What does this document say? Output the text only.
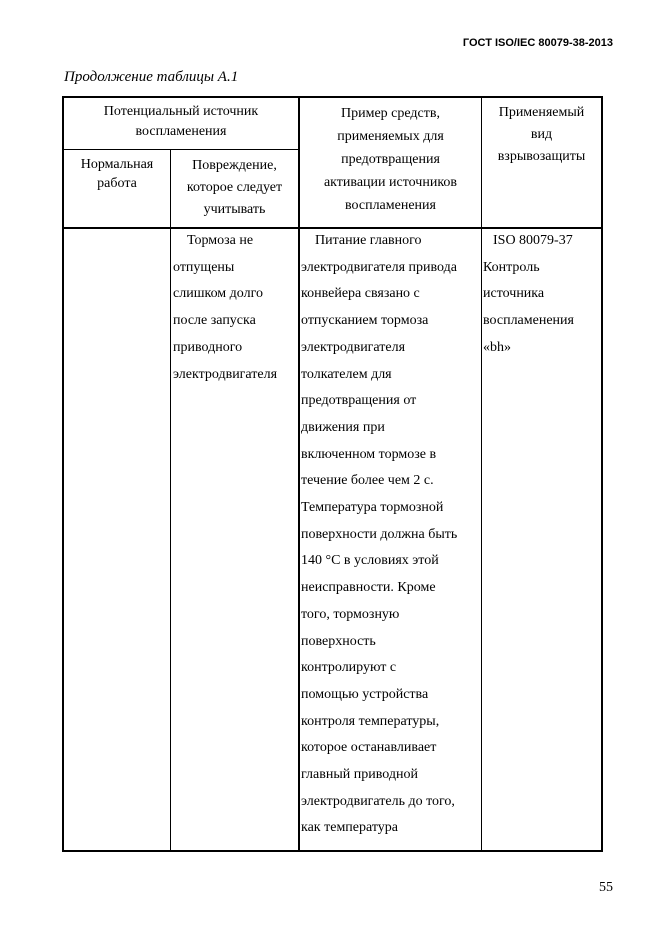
ГОСТ ISO/IEC 80079-38-2013
Продолжение таблицы А.1
Потенциальный источник
воспламенения
Нормальная
работа
Повреждение,
которое следует
учитывать
Пример средств,
применяемых для
предотвращения
активации источников
воспламенения
Применяемый
вид
взрывозащиты
Тормоза не
отпущены
слишком долго
после запуска
приводного
электродвигателя
Питание главного
электродвигателя привода
конвейера связано с
отпусканием тормоза
электродвигателя
толкателем для
предотвращения от
движения при
включенном тормозе в
течение более чем 2 с.
Температура тормозной
поверхности должна быть
140 °С в условиях этой
неисправности. Кроме
того, тормозную
поверхность
контролируют с
помощью устройства
контроля температуры,
которое останавливает
главный приводной
электродвигатель до того,
как температура
ISO 80079-37
Контроль
источника
воспламенения
«bh»
55
